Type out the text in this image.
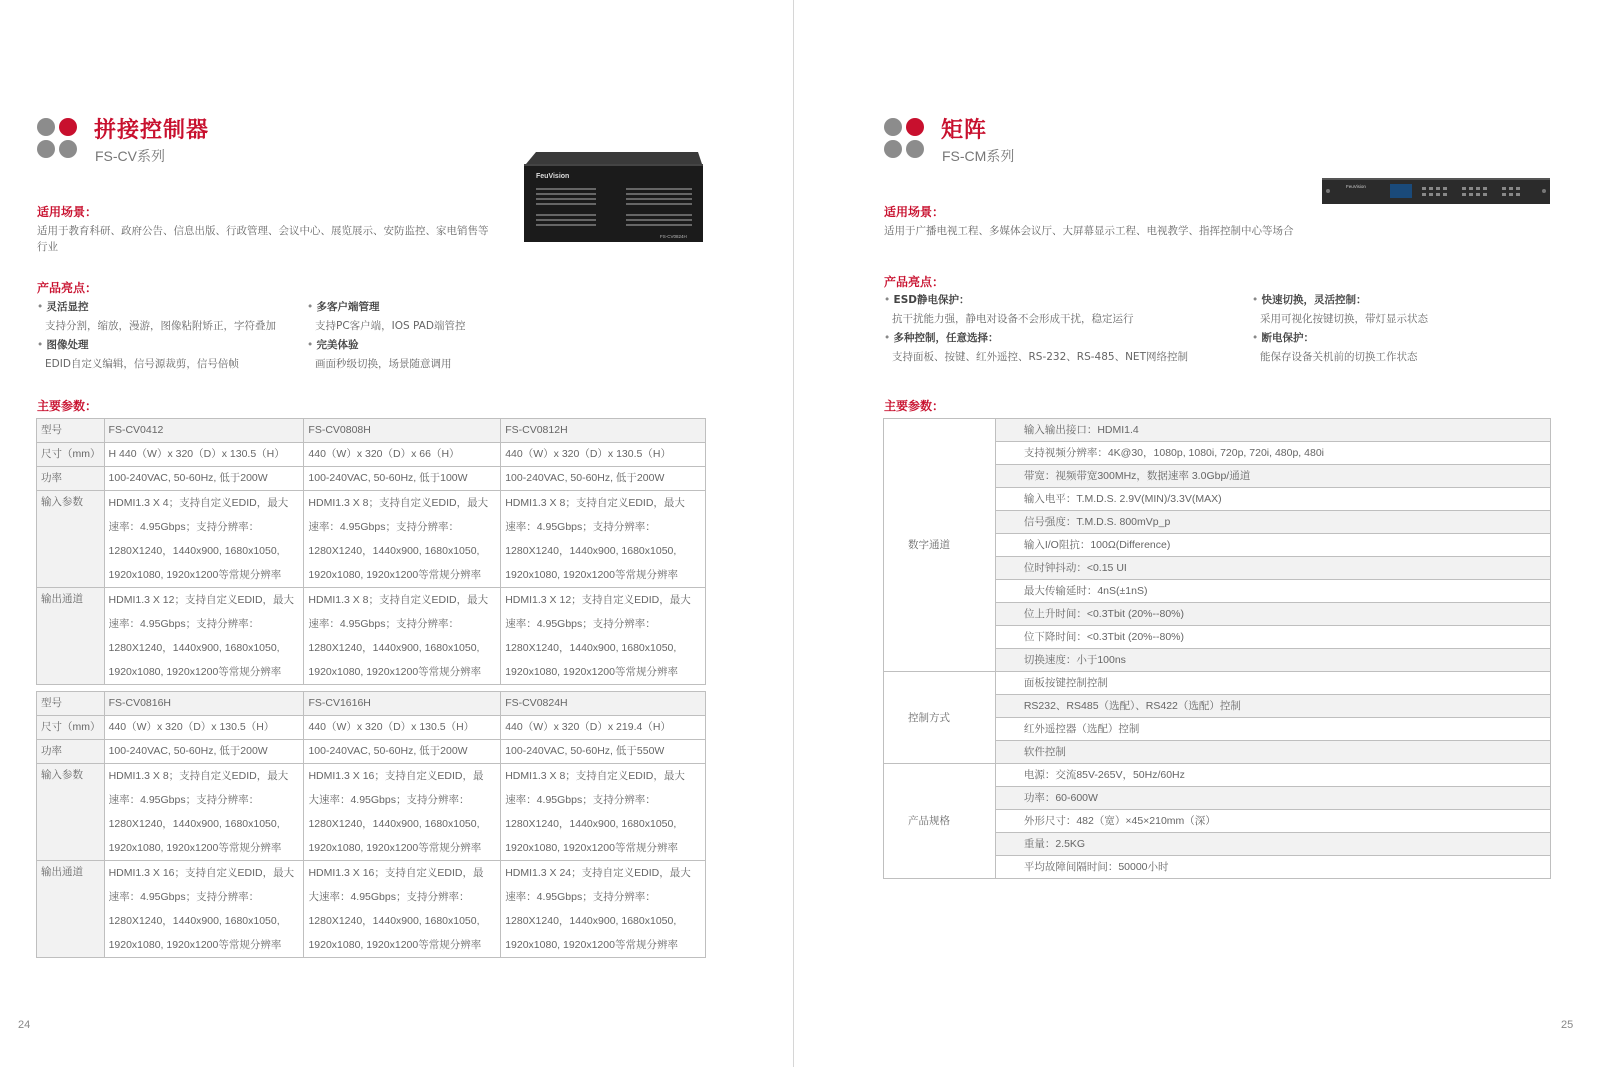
拼接控制器
FS-CV系列
FeuVision
FS-CV0824H
适用场景：
适用于教育科研、政府公告、信息出版、行政管理、会议中心、展览展示、安防监控、家电销售等行业
产品亮点：
• 灵活显控
支持分割，缩放，漫游，图像粘附矫正，字符叠加
• 多客户端管理
支持PC客户端，IOS PAD端管控
• 图像处理
EDID自定义编辑，信号源裁剪，信号倍帧
• 完美体验
画面秒级切换，场景随意调用
主要参数：
型号	FS-CV0412	FS-CV0808H	FS-CV0812H
尺寸（mm）	H 440（W）x 320（D）x 130.5（H）	440（W）x 320（D）x 66（H）	440（W）x 320（D）x 130.5（H）
功率	100-240VAC, 50-60Hz, 低于200W	100-240VAC, 50-60Hz, 低于100W	100-240VAC, 50-60Hz, 低于200W
输入参数	HDMI1.3 X 4；支持自定义EDID，最大
速率：4.95Gbps；支持分辨率：
1280X1240，1440x900, 1680x1050,
1920x1080, 1920x1200等常规分辨率	HDMI1.3 X 8；支持自定义EDID，最大
速率：4.95Gbps；支持分辨率：
1280X1240，1440x900, 1680x1050,
1920x1080, 1920x1200等常规分辨率	HDMI1.3 X 8；支持自定义EDID，最大
速率：4.95Gbps；支持分辨率：
1280X1240，1440x900, 1680x1050,
1920x1080, 1920x1200等常规分辨率

输出通道	HDMI1.3 X 12；支持自定义EDID，最大
速率：4.95Gbps；支持分辨率：
1280X1240，1440x900, 1680x1050,
1920x1080, 1920x1200等常规分辨率	HDMI1.3 X 8；支持自定义EDID，最大
速率：4.95Gbps；支持分辨率：
1280X1240，1440x900, 1680x1050,
1920x1080, 1920x1200等常规分辨率	HDMI1.3 X 12；支持自定义EDID，最大
速率：4.95Gbps；支持分辨率：
1280X1240，1440x900, 1680x1050,
1920x1080, 1920x1200等常规分辨率
型号	FS-CV0816H	FS-CV1616H	FS-CV0824H
尺寸（mm）	440（W）x 320（D）x 130.5（H）	440（W）x 320（D）x 130.5（H）	440（W）x 320（D）x 219.4（H）
功率	100-240VAC, 50-60Hz, 低于200W	100-240VAC, 50-60Hz, 低于200W	100-240VAC, 50-60Hz, 低于550W
输入参数	HDMI1.3 X 8；支持自定义EDID，最大
速率：4.95Gbps；支持分辨率：
1280X1240，1440x900, 1680x1050,
1920x1080, 1920x1200等常规分辨率	HDMI1.3 X 16；支持自定义EDID，最
大速率：4.95Gbps；支持分辨率：
1280X1240，1440x900, 1680x1050,
1920x1080, 1920x1200等常规分辨率	HDMI1.3 X 8；支持自定义EDID，最大
速率：4.95Gbps；支持分辨率：
1280X1240，1440x900, 1680x1050,
1920x1080, 1920x1200等常规分辨率

输出通道	HDMI1.3 X 16；支持自定义EDID，最大
速率：4.95Gbps；支持分辨率：
1280X1240，1440x900, 1680x1050,
1920x1080, 1920x1200等常规分辨率	HDMI1.3 X 16；支持自定义EDID，最
大速率：4.95Gbps；支持分辨率：
1280X1240，1440x900, 1680x1050,
1920x1080, 1920x1200等常规分辨率	HDMI1.3 X 24；支持自定义EDID，最大
速率：4.95Gbps；支持分辨率：
1280X1240，1440x900, 1680x1050,
1920x1080, 1920x1200等常规分辨率
24
矩阵
FS-CM系列
FeuVision
适用场景：
适用于广播电视工程、多媒体会议厅、大屏幕显示工程、电视教学、指挥控制中心等场合
产品亮点：
• ESD静电保护：
抗干扰能力强，静电对设备不会形成干扰，稳定运行
• 快速切换，灵活控制：
采用可视化按键切换，带灯显示状态
• 多种控制，任意选择：
支持面板、按键、红外遥控、RS-232、RS-485、NET网络控制
• 断电保护：
能保存设备关机前的切换工作状态
主要参数：
数字通道	输入输出接口：HDMI1.4
	支持视频分辨率：4K@30，1080p, 1080i, 720p, 720i, 480p, 480i
	带宽：视频带宽300MHz，数据速率 3.0Gbp/通道
	输入电平：T.M.D.S. 2.9V(MIN)/3.3V(MAX)
	信号强度：T.M.D.S. 800mVp_p
	输入I/O阻抗：100Ω(Difference)
	位时钟抖动：<0.15 UI
	最大传输延时：4nS(±1nS)
	位上升时间：<0.3Tbit (20%--80%)
	位下降时间：<0.3Tbit (20%--80%)
	切换速度：小于100ns
控制方式	面板按键控制控制
	RS232、RS485（选配）、RS422（选配）控制
	红外遥控器（选配）控制
	软件控制
产品规格	电源：交流85V-265V，50Hz/60Hz
	功率：60-600W
	外形尺寸：482（宽）×45×210mm（深）
	重量：2.5KG
	平均故障间隔时间：50000小时
25
